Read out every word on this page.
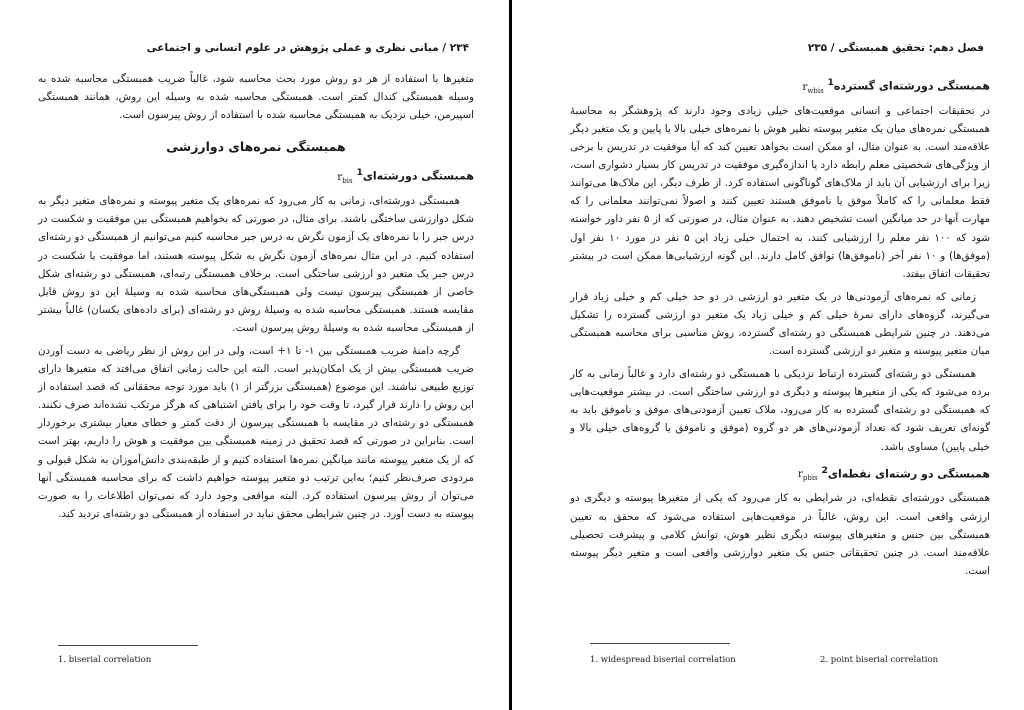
۲۳۴ / مبانی نظری و عملی پژوهش در علوم انسانی و اجتماعی

متغیرها با استفاده از هر دو روش مورد بحث محاسبه شود، غالباً ضریب همبستگی محاسبه شده به وسیله همبستگی کندال کمتر است. همبستگی محاسبه شده به وسیله این روش، همانند همبستگی اسپیرمن، خیلی نزدیک به همبستگی محاسبه شده با استفاده از روش پیرسون است.

همبستگی نمره‌های دوارزشی
همبستگی دورشته‌ای$^1$ $r_{bis}$

همبستگی دورشته‌ای، زمانی به کار می‌رود که نمره‌های یک متغیر پیوسته و نمره‌های متغیر دیگر به شکل دوارزشی ساختگی باشند. برای مثال، در صورتی که بخواهیم همبستگی بین موفقیت و شکست در درس جبر را با نمره‌های یک آزمون نگرش به درس جبر محاسبه کنیم می‌توانیم از همبستگی دو رشته‌ای استفاده کنیم. در این مثال نمره‌های آزمون نگرش به شکل پیوسته هستند، اما موفقیت یا شکست در درس جبر یک متغیر دو ارزشی ساختگی است. برخلاف همبستگی رتبه‌ای، همبستگی دو رشته‌ای شکل خاصی از همبستگی پیرسون نیست ولی همبستگی‌های محاسبه شده به وسیلهٔ این دو روش قابل مقایسه هستند. همبستگی محاسبه شده به وسیلهٔ روش دو رشته‌ای (برای داده‌های یکسان) غالباً بیشتر از همبستگی محاسبه شده به وسیلهٔ روش پیرسون است.

گرچه دامنهٔ ضریب همبستگی بین ۱- تا ۱+ است، ولی در این روش از نظر ریاضی به دست آوردن ضریب همبستگی بیش از یک امکان‌پذیر است. البته این حالت زمانی اتفاق می‌افتد که متغیرها دارای توزیع طبیعی نباشند. این موضوع (همبستگی بزرگتر از ۱) باید مورد توجه محققانی که قصد استفاده از این روش را دارند قرار گیرد، تا وقت خود را برای یافتن اشتباهی که هرگز مرتکب نشده‌اند صرف نکنند. همبستگی دو رشته‌ای در مقایسه با همبستگی پیرسون از دقت کمتر و خطای معیار بیشتری برخوردار است. بنابراین در صورتی که قصد تحقیق در زمینه همبستگی بین موفقیت و هوش را داریم، بهتر است که از یک متغیر پیوسته مانند میانگین نمره‌ها استفاده کنیم و از طبقه‌بندی دانش‌آموزان به شکل قبولی و مردودی صرف‌نظر کنیم؛ به‌این ترتیب دو متغیر پیوسته خواهیم داشت که برای محاسبه همبستگی آنها می‌توان از روش پیرسون استفاده کرد. البته مواقعی وجود دارد که نمی‌توان اطلاعات را به صورت پیوسته به دست آورد. در چنین شرایطی محقق نباید در استفاده از همبستگی دو رشته‌ای تردید کند.

1. biserial correlation
فصل دهم: تحقیق همبستگی / ۲۳۵
همبستگی دورشته‌ای گسترده$^1$ $r_{wbis}$

در تحقیقات اجتماعی و انسانی موقعیت‌های خیلی زیادی وجود دارند که پژوهشگر به محاسبهٔ همبستگی نمره‌های میان یک متغیر پیوسته نظیر هوش با نمره‌های خیلی بالا یا پایین و یک متغیر دیگر علاقه‌مند است. به عنوان مثال، او ممکن است بخواهد تعیین کند که آیا موفقیت در تدریس با برخی از ویژگی‌های شخصیتی معلم رابطه دارد یا اندازه‌گیری موفقیت در تدریس کار بسیار دشواری است، زیرا برای ارزشیابی آن باید از ملاک‌های گوناگونی استفاده کرد. از طرف دیگر، این ملاک‌ها می‌توانند فقط معلمانی را که کاملاً موفق یا ناموفق هستند تعیین کنند و اصولاً نمی‌توانند معلمانی را که مهارت آنها در حد میانگین است تشخیص دهند. به عنوان مثال، در صورتی که از ۵ نفر داور خواسته شود که ۱۰۰ نفر معلم را ارزشیابی کنند، به احتمال خیلی زیاد این ۵ نفر در مورد ۱۰ نفر اول (موفق‌ها) و ۱۰ نفر آخر (ناموفق‌ها) توافق کامل دارند. این گونه ارزشیابی‌ها ممکن است در بیشتر تحقیقات اتفاق بیفتد.

زمانی که نمره‌های آزمودنی‌ها در یک متغیر دو ارزشی در دو حد خیلی کم و خیلی زیاد قرار می‌گیرند، گروه‌های دارای نمرهٔ خیلی کم و خیلی زیاد یک متغیر دو ارزشی گسترده را تشکیل می‌دهند. در چنین شرایطی همبستگی دو رشته‌ای گسترده، روش مناسبی برای محاسبه همبستگی میان متغیر پیوسته و متغیر دو ارزشی گسترده است.

همبستگی دو رشته‌ای گسترده ارتباط نزدیکی با همبستگی دو رشته‌ای دارد و غالباً زمانی به کار برده می‌شود که یکی از متغیرها پیوسته و دیگری دو ارزشی ساختگی است. در بیشتر موقعیت‌هایی که همبستگی دو رشته‌ای گسترده به کار می‌رود، ملاک تعیین آزمودنی‌های موفق و ناموفق باید به گونه‌ای تعریف شود که تعداد آزمودنی‌های هر دو گروه (موفق و ناموفق یا گروه‌های خیلی بالا و خیلی پایین) مساوی باشد.

همبستگی دو رشته‌ای نقطه‌ای$^2$ $r_{pbis}$

همبستگی دورشته‌ای نقطه‌ای، در شرایطی به کار می‌رود که یکی از متغیرها پیوسته و دیگری دو ارزشی واقعی است. این روش، غالباً در موقعیت‌هایی استفاده می‌شود که محقق به تعیین همبستگی بین جنس و متغیرهای پیوسته دیگری نظیر هوش، توانش کلامی و پیشرفت تحصیلی علاقه‌مند است. در چنین تحقیقاتی جنس یک متغیر دوارزشی واقعی است و متغیر دیگر پیوسته است.

1. widespread biserial correlation	2. point biserial correlation
